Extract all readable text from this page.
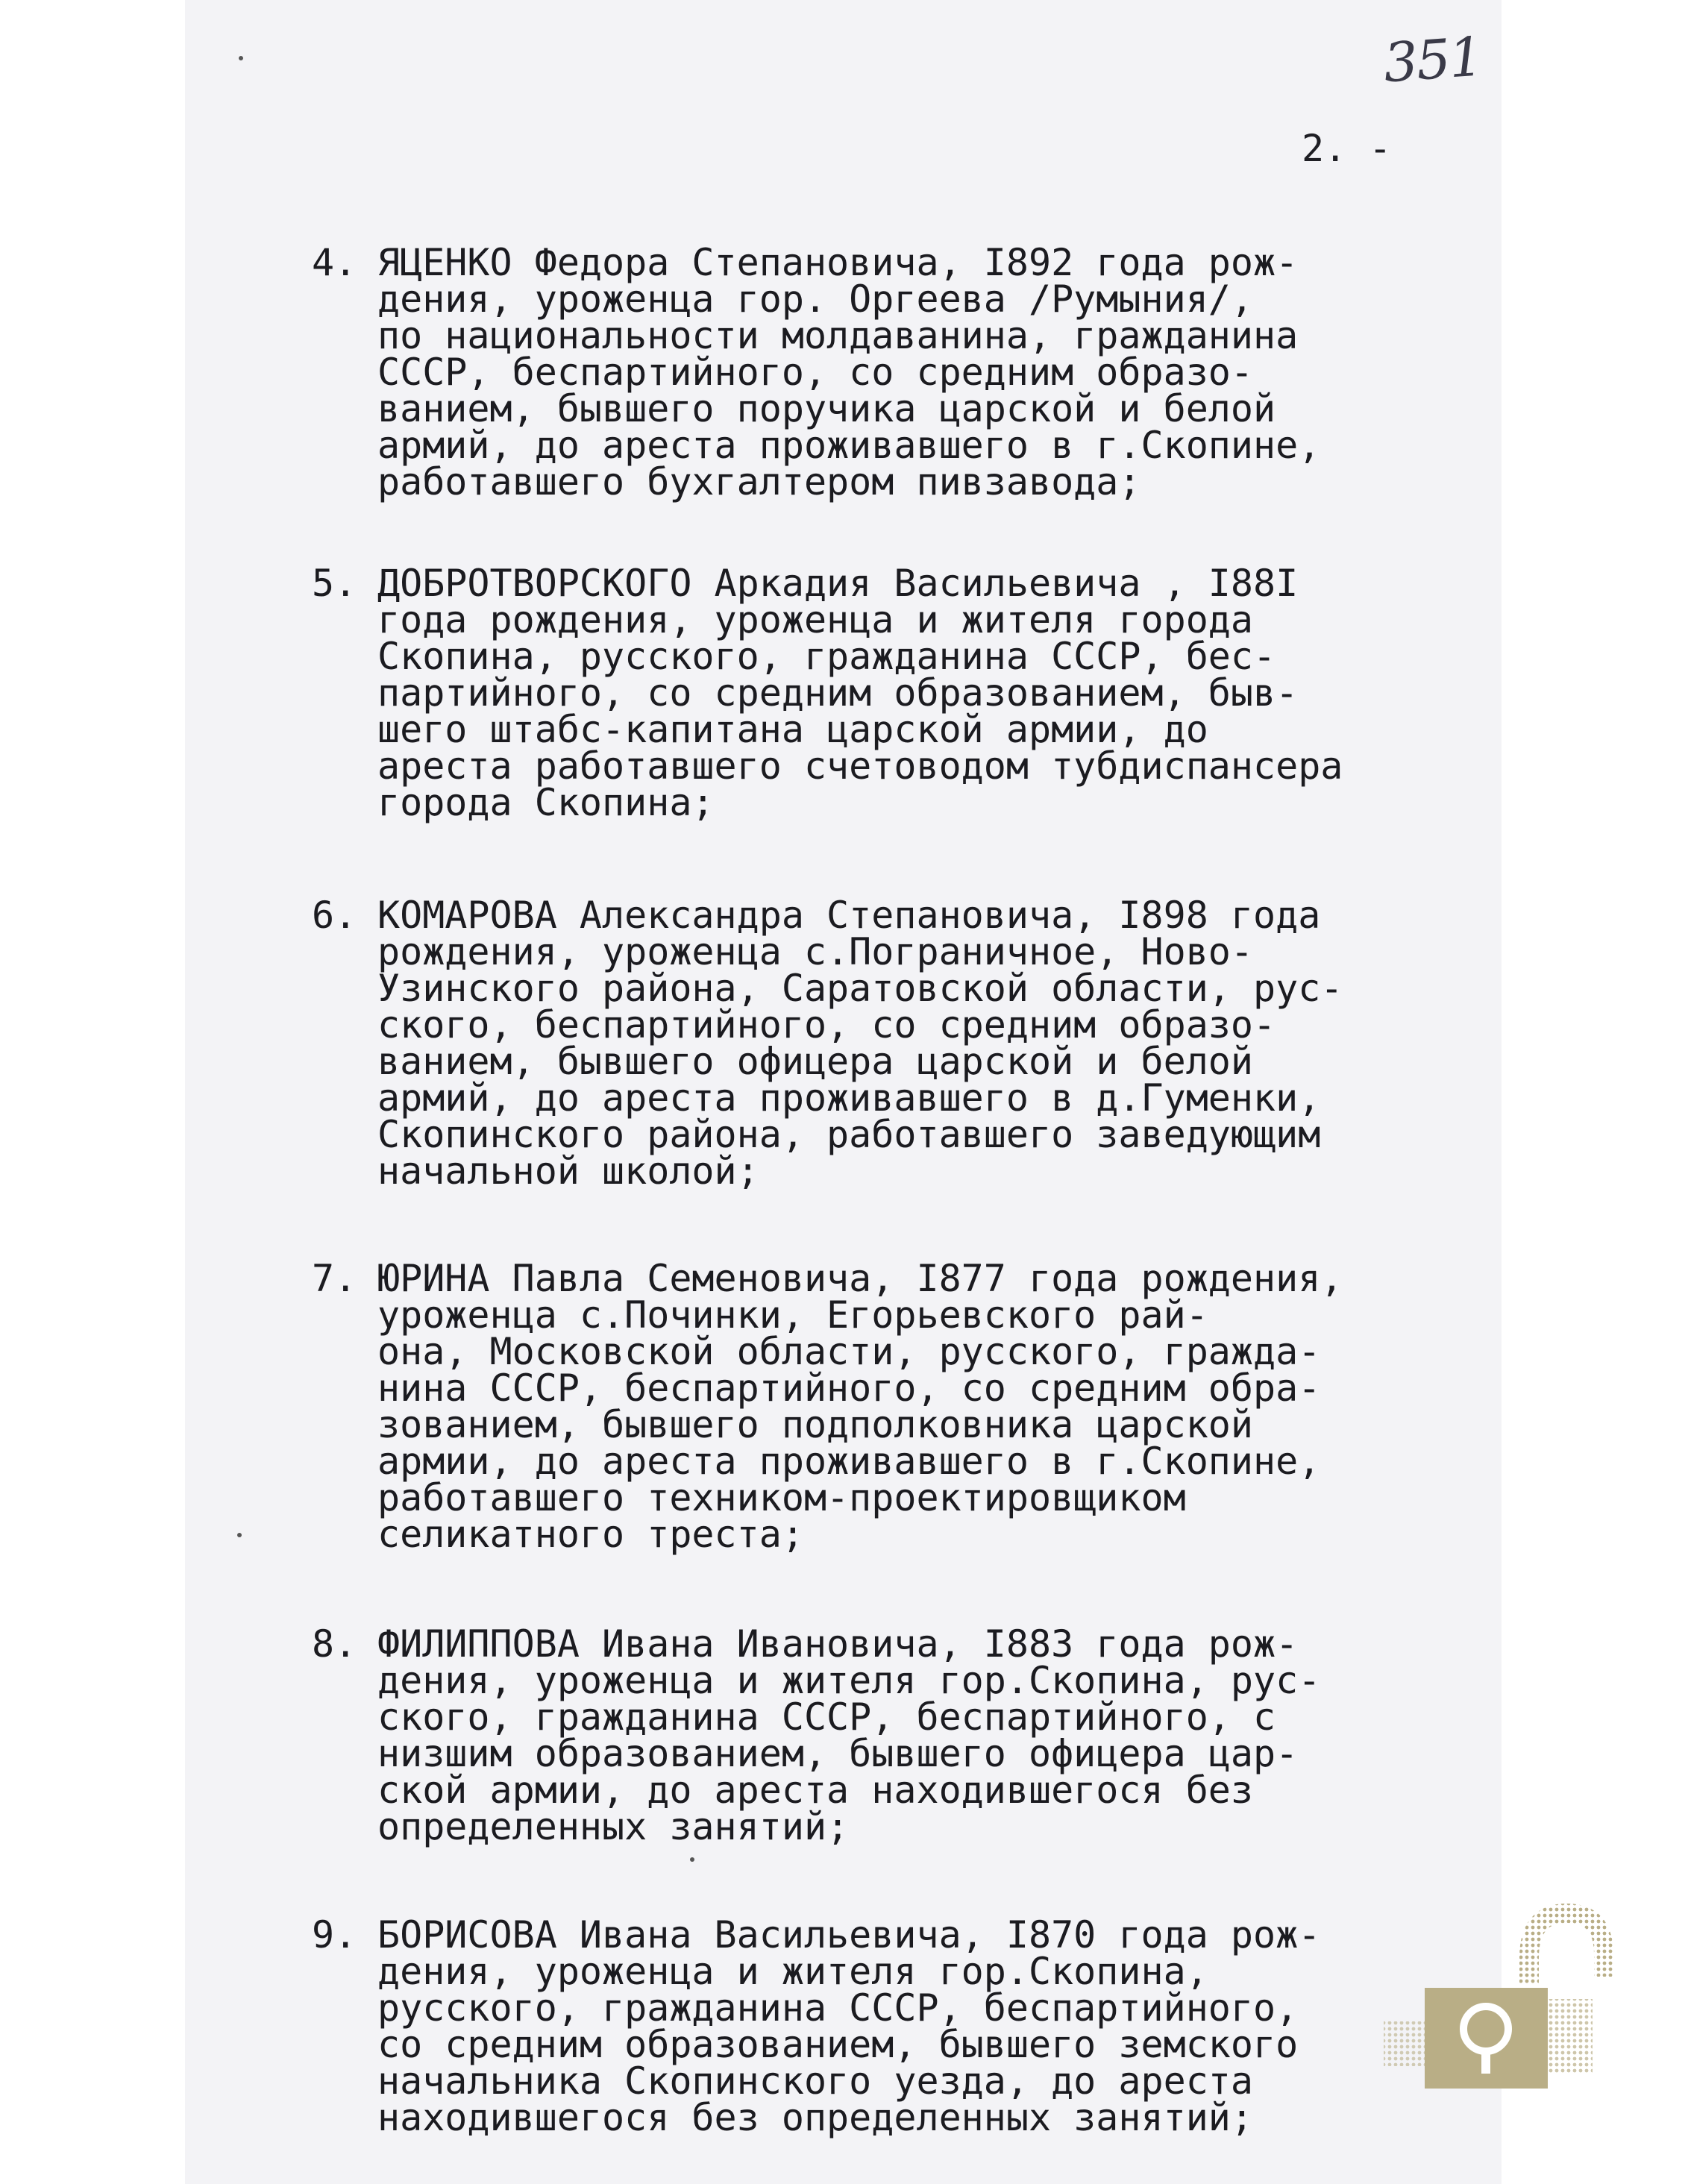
351
2. -
4. ЯЦЕНКО Федора Степановича, I892 года рож-
дения, уроженца гор. Оргеева /Румыния/,
по национальности молдаванина, гражданина
СССР, беспартийного, со средним образо-
ванием, бывшего поручика царской и белой
армий, до ареста проживавшего в г.Скопине,
работавшего бухгалтером пивзавода;
5. ДОБРОТВОРСКОГО Аркадия Васильевича , I88I
года рождения, уроженца и жителя города
Скопина, русского, гражданина СССР, бес-
партийного, со средним образованием, быв-
шего штабс-капитана царской армии, до
ареста работавшего счетоводом тубдиспансера
города Скопина;
6. КОМАРОВА Александра Степановича, I898 года
рождения, уроженца с.Пограничное, Ново-
Узинского района, Саратовской области, рус-
ского, беспартийного, со средним образо-
ванием, бывшего офицера царской и белой
армий, до ареста проживавшего в д.Гуменки,
Скопинского района, работавшего заведующим
начальной школой;
7. ЮРИНА Павла Семеновича, I877 года рождения,
уроженца с.Починки, Егорьевского рай-
она, Московской области, русского, гражда-
нина СССР, беспартийного, со средним обра-
зованием, бывшего подполковника царской
армии, до ареста проживавшего в г.Скопине,
работавшего техником-проектировщиком
селикатного треста;
8. ФИЛИППОВА Ивана Ивановича, I883 года рож-
дения, уроженца и жителя гор.Скопина, рус-
ского, гражданина СССР, беспартийного, с
низшим образованием, бывшего офицера цар-
ской армии, до ареста находившегося без
определенных занятий;
9. БОРИСОВА Ивана Васильевича, I870 года рож-
дения, уроженца и жителя гор.Скопина,
русского, гражданина СССР, беспартийного,
со средним образованием, бывшего земского
начальника Скопинского уезда, до ареста
находившегося без определенных занятий;
